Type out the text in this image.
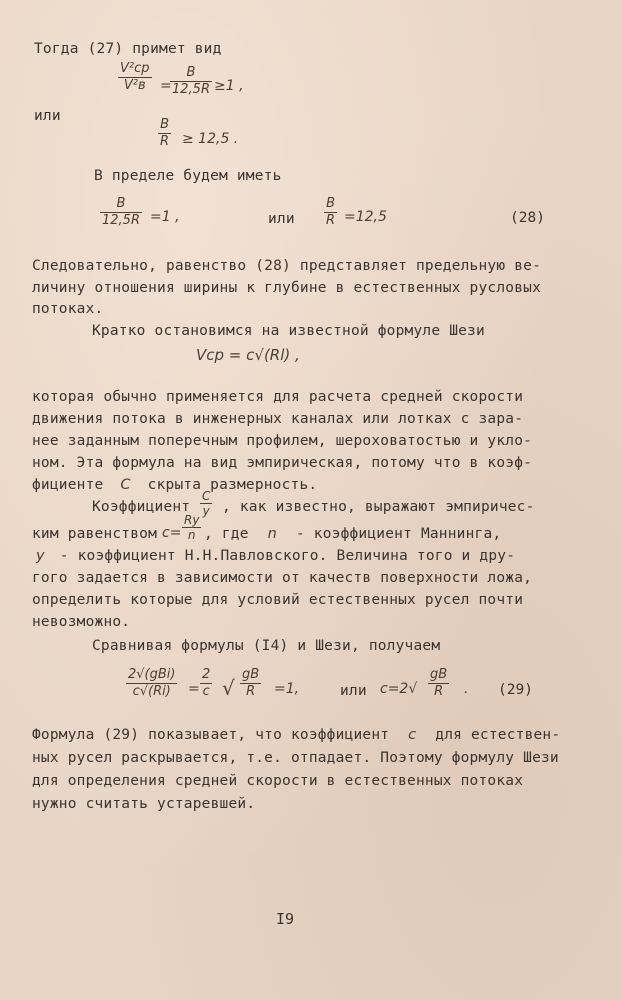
Тогда (27) примет вид
V²ср
V²в	=
B
12,5R ≥1 ,
или
B
R ≥ 12,5 .
В пределе будем иметь
B
12,5R =1 ,	или
B
R =12,5	(28)
Следовательно, равенство (28) представляет предельную ве-
личину отношения ширины к глубине в естественных русловых
потоках.
Кратко остановимся на известной формуле Шези
Vср = c√(Rl) ,
которая обычно применяется для расчета средней скорости
движения потока в инженерных каналах или лотках с зара-
нее заданным поперечным профилем, шероховатостью и укло-
ном. Эта формула на вид эмпирическая, потому что в коэф-
фициенте C скрыта размерность.
Коэффициент
C
y , как известно, выражают эмпиричес-
ким равенством c=
Ry
n , где n - коэффициент Маннинга,
y - коэффициент Н.Н.Павловского. Величина того и дру-
гого задается в зависимости от качеств поверхности ложа,
определить которые для условий естественных русел почти
невозможно.
Сравнивая формулы (I4) и Шези, получаем
2√(gBi)
c√(Ri)	=
2
c √
gB
R	=1,	или c=2√
gB
R	. (29)
Формула (29) показывает, что коэффициент c для естествен-
ных русел раскрывается, т.е. отпадает. Поэтому формулу Шези
для определения средней скорости в естественных потоках
нужно считать устаревшей.
I9
